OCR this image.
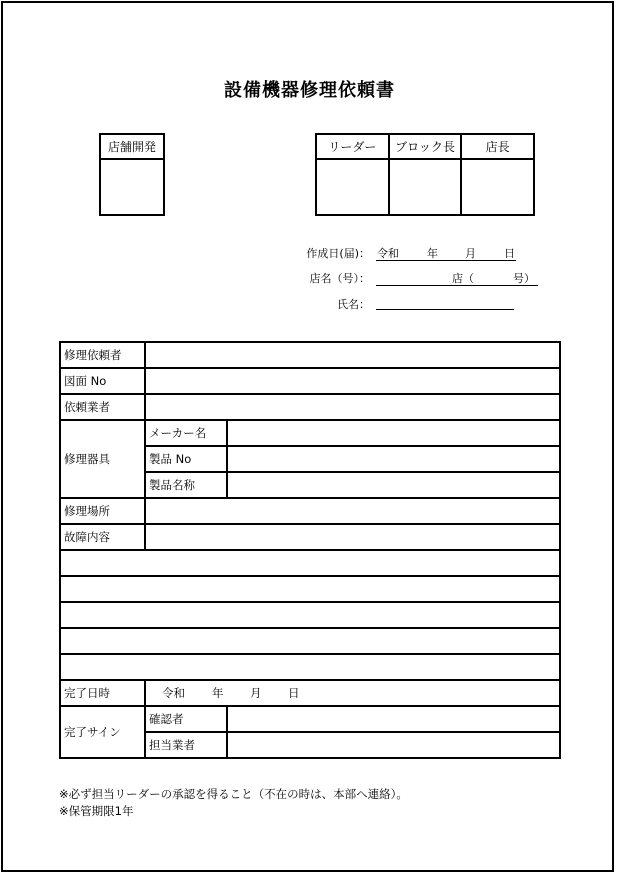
設備機器修理依頼書
店舗開発	リーダー	ブロック長	店長

作成日(届)： 令和	年 月	日
店名（号）：	店（	号）
氏名：
修理依頼者		
図面 No		
依頼業者		
修理器具	メーカー名	
	製品 No	
	製品名称	
修理場所		
故障内容		

完了日時	令和 年 月 日	

完了サイン	確認者	
	担当業者	
※必ず担当リーダーの承認を得ること（不在の時は、本部へ連絡）。
※保管期限1年
